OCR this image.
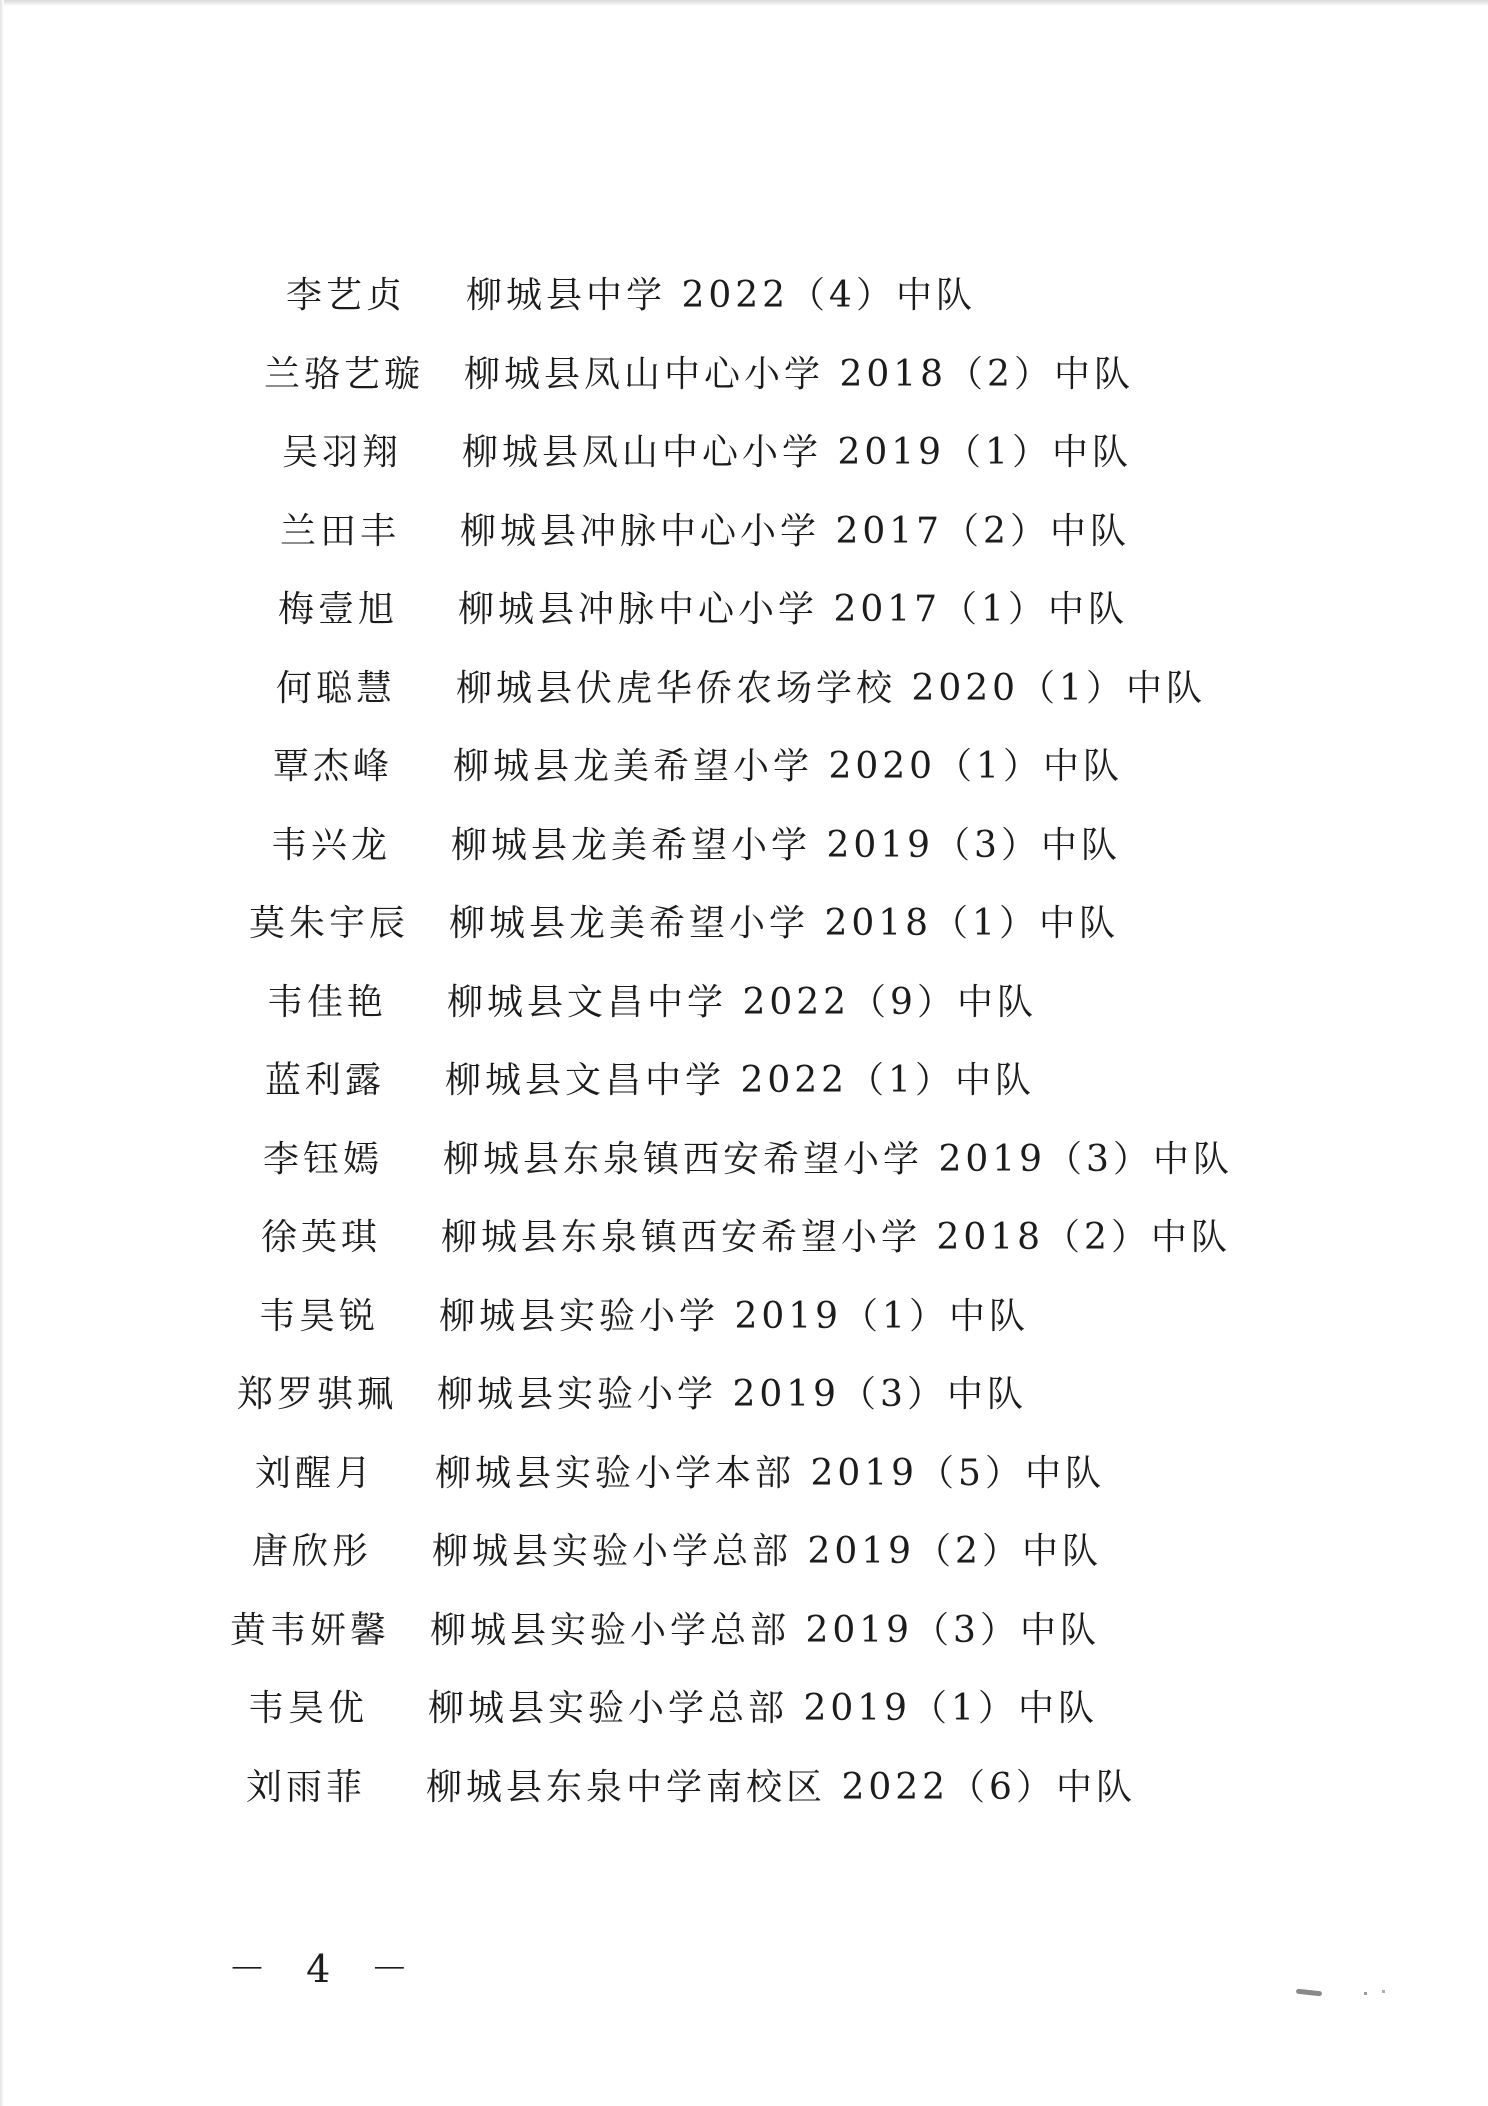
李艺贞	柳城县中学 2022（4）中队
兰骆艺璇 柳城县凤山中心小学 2018（2）中队
吴羽翔	柳城县凤山中心小学 2019（1）中队
兰田丰	柳城县冲脉中心小学 2017（2）中队
梅壹旭	柳城县冲脉中心小学 2017（1）中队
何聪慧	柳城县伏虎华侨农场学校 2020（1）中队
覃杰峰	柳城县龙美希望小学 2020（1）中队
韦兴龙	柳城县龙美希望小学 2019（3）中队
莫朱宇辰 柳城县龙美希望小学 2018（1）中队
韦佳艳	柳城县文昌中学 2022（9）中队
蓝利露	柳城县文昌中学 2022（1）中队
李钰嫣	柳城县东泉镇西安希望小学 2019（3）中队
徐英琪	柳城县东泉镇西安希望小学 2018（2）中队
韦昊锐	柳城县实验小学 2019（1）中队
郑罗骐珮 柳城县实验小学 2019（3）中队
刘醒月	柳城县实验小学本部 2019（5）中队
唐欣彤	柳城县实验小学总部 2019（2）中队
黄韦妍馨 柳城县实验小学总部 2019（3）中队
韦昊优	柳城县实验小学总部 2019（1）中队
刘雨菲	柳城县东泉中学南校区 2022（6）中队
－ 4 －
